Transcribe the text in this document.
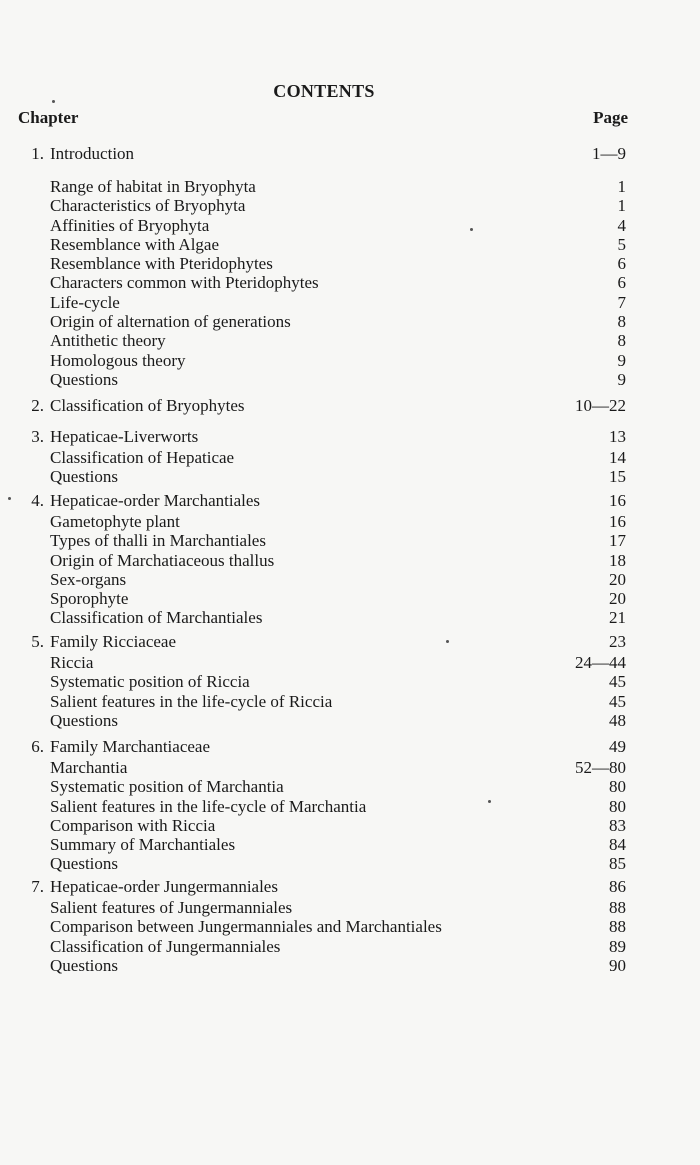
CONTENTS
Chapter	Page
1. Introduction	1—9
Range of habitat in Bryophyta	1
Characteristics of Bryophyta	1
Affinities of Bryophyta	4
Resemblance with Algae	5
Resemblance with Pteridophytes	6
Characters common with Pteridophytes	6
Life-cycle	7
Origin of alternation of generations	8
Antithetic theory	8
Homologous theory	9
Questions	9
2. Classification of Bryophytes	10—22
3. Hepaticae-Liverworts	13
Classification of Hepaticae	14
Questions	15
4. Hepaticae-order Marchantiales	16
Gametophyte plant	16
Types of thalli in Marchantiales	17
Origin of Marchatiaceous thallus	18
Sex-organs	20
Sporophyte	20
Classification of Marchantiales	21
5. Family Ricciaceae	23
Riccia	24—44
Systematic position of Riccia	45
Salient features in the life-cycle of Riccia	45
Questions	48
6. Family Marchantiaceae	49
Marchantia	52—80
Systematic position of Marchantia	80
Salient features in the life-cycle of Marchantia	80
Comparison with Riccia	83
Summary of Marchantiales	84
Questions	85
7. Hepaticae-order Jungermanniales	86
Salient features of Jungermanniales	88
Comparison between Jungermanniales and Marchantiales	88
Classification of Jungermanniales	89
Questions	90
